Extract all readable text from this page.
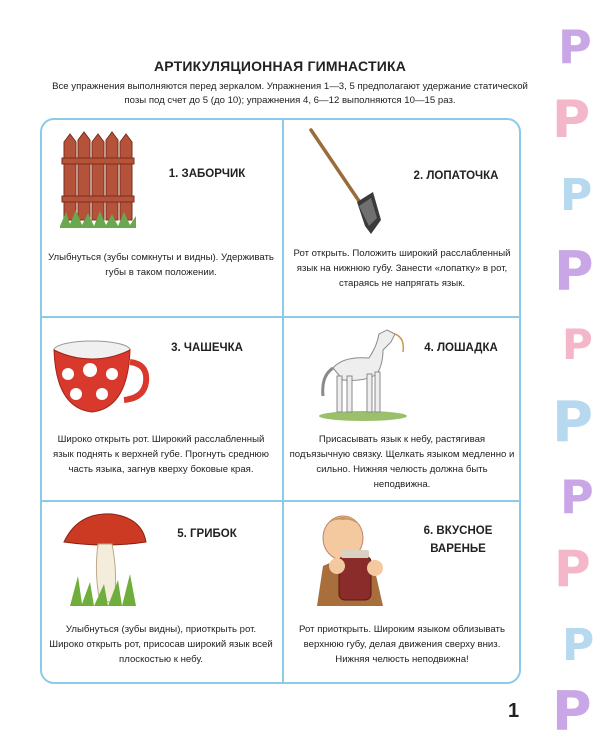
АРТИКУЛЯЦИОННАЯ ГИМНАСТИКА
Все упражнения выполняются перед зеркалом. Упражнения 1—3, 5 предполагают удержание статической позы под счет до 5 (до 10); упражнения 4, 6—12 выполняются 10—15 раз.
1. ЗАБОРЧИК
Улыбнуться (зубы сомкнуты и видны). Удерживать губы в таком положении.
2. ЛОПАТОЧКА
Рот открыть. Положить широкий расслабленный язык на нижнюю губу. Занести «лопатку» в рот, стараясь не напрягать язык.
3. ЧАШЕЧКА
Широко открыть рот. Широкий расслабленный язык поднять к верхней губе. Прогнуть среднюю часть языка, загнув кверху боковые края.
4. ЛОШАДКА
Присасывать язык к небу, растягивая подъязычную связку. Щелкать языком медленно и сильно. Нижняя челюсть должна быть неподвижна.
5. ГРИБОК
Улыбнуться (зубы видны), приоткрыть рот. Широко открыть рот, присосав широкий язык всей плоскостью к небу.
6. ВКУСНОЕ
ВАРЕНЬЕ
Рот приоткрыть. Широким языком облизывать верхнюю губу, делая движения сверху вниз. Нижняя челюсть неподвижна!
1
P
P
P
P
P
P
P
P
P
P
